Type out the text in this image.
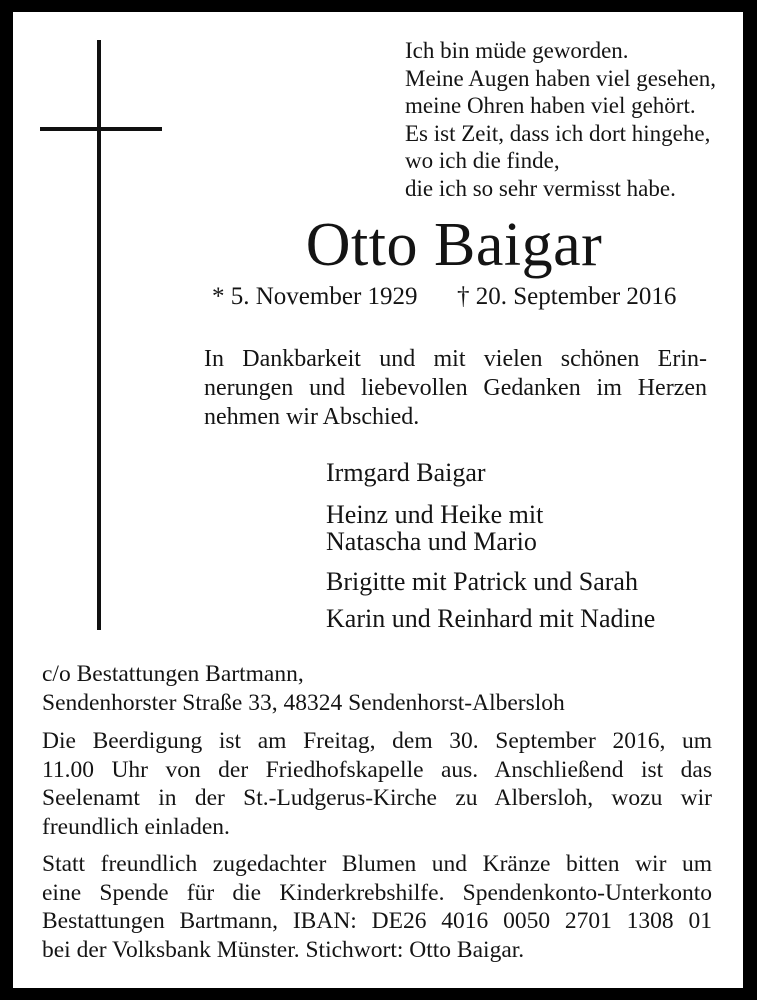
Ich bin müde geworden.
Meine Augen haben viel gesehen,
meine Ohren haben viel gehört.
Es ist Zeit, dass ich dort hingehe,
wo ich die finde,
die ich so sehr vermisst habe.
Otto Baigar
* 5. November 1929 † 20. September 2016
In Dankbarkeit und mit vielen schönen Erin-
nerungen und liebevollen Gedanken im Herzen
nehmen wir Abschied.
Irmgard Baigar
Heinz und Heike mit
Natascha und Mario
Brigitte mit Patrick und Sarah
Karin und Reinhard mit Nadine
c/o Bestattungen Bartmann,
Sendenhorster Straße 33, 48324 Sendenhorst-Albersloh
Die Beerdigung ist am Freitag, dem 30. September 2016, um
11.00 Uhr von der Friedhofskapelle aus. Anschließend ist das
Seelenamt in der St.-Ludgerus-Kirche zu Albersloh, wozu wir
freundlich einladen.
Statt freundlich zugedachter Blumen und Kränze bitten wir um
eine Spende für die Kinderkrebshilfe. Spendenkonto-Unterkonto
Bestattungen Bartmann, IBAN: DE26 4016 0050 2701 1308 01
bei der Volksbank Münster. Stichwort: Otto Baigar.
